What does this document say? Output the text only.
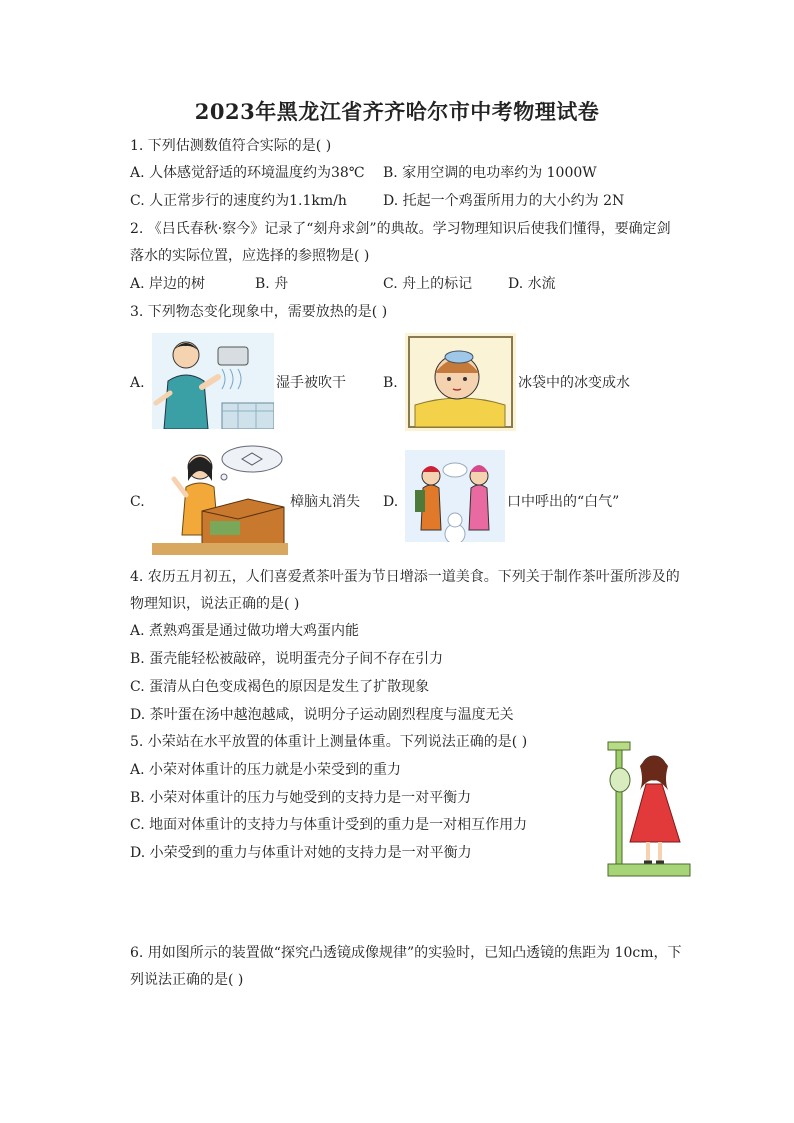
2023年黑龙江省齐齐哈尔市中考物理试卷
1. 下列估测数值符合实际的是( )
A. 人体感觉舒适的环境温度约为38℃ B. 家用空调的电功率约为 1000W
C. 人正常步行的速度约为1.1km/h	D. 托起一个鸡蛋所用力的大小约为 2N
2. 《吕氏春秋·察今》记录了“刻舟求剑”的典故。学习物理知识后使我们懂得，要确定剑
落水的实际位置，应选择的参照物是( )
A. 岸边的树	B. 舟	C. 舟上的标记	D. 水流
3. 下列物态变化现象中，需要放热的是( )
A.	湿手被吹干	B.	冰袋中的冰变成水
C.	樟脑丸消失 D.	口中呼出的“白气”
4. 农历五月初五，人们喜爱煮茶叶蛋为节日增添一道美食。下列关于制作茶叶蛋所涉及的
物理知识，说法正确的是( )
A. 煮熟鸡蛋是通过做功增大鸡蛋内能
B. 蛋壳能轻松被敲碎，说明蛋壳分子间不存在引力
C. 蛋清从白色变成褐色的原因是发生了扩散现象
D. 茶叶蛋在汤中越泡越咸，说明分子运动剧烈程度与温度无关
5. 小荣站在水平放置的体重计上测量体重。下列说法正确的是( )
A. 小荣对体重计的压力就是小荣受到的重力
B. 小荣对体重计的压力与她受到的支持力是一对平衡力
C. 地面对体重计的支持力与体重计受到的重力是一对相互作用力
D. 小荣受到的重力与体重计对她的支持力是一对平衡力
6. 用如图所示的装置做“探究凸透镜成像规律”的实验时，已知凸透镜的焦距为 10cm，下
列说法正确的是( )
